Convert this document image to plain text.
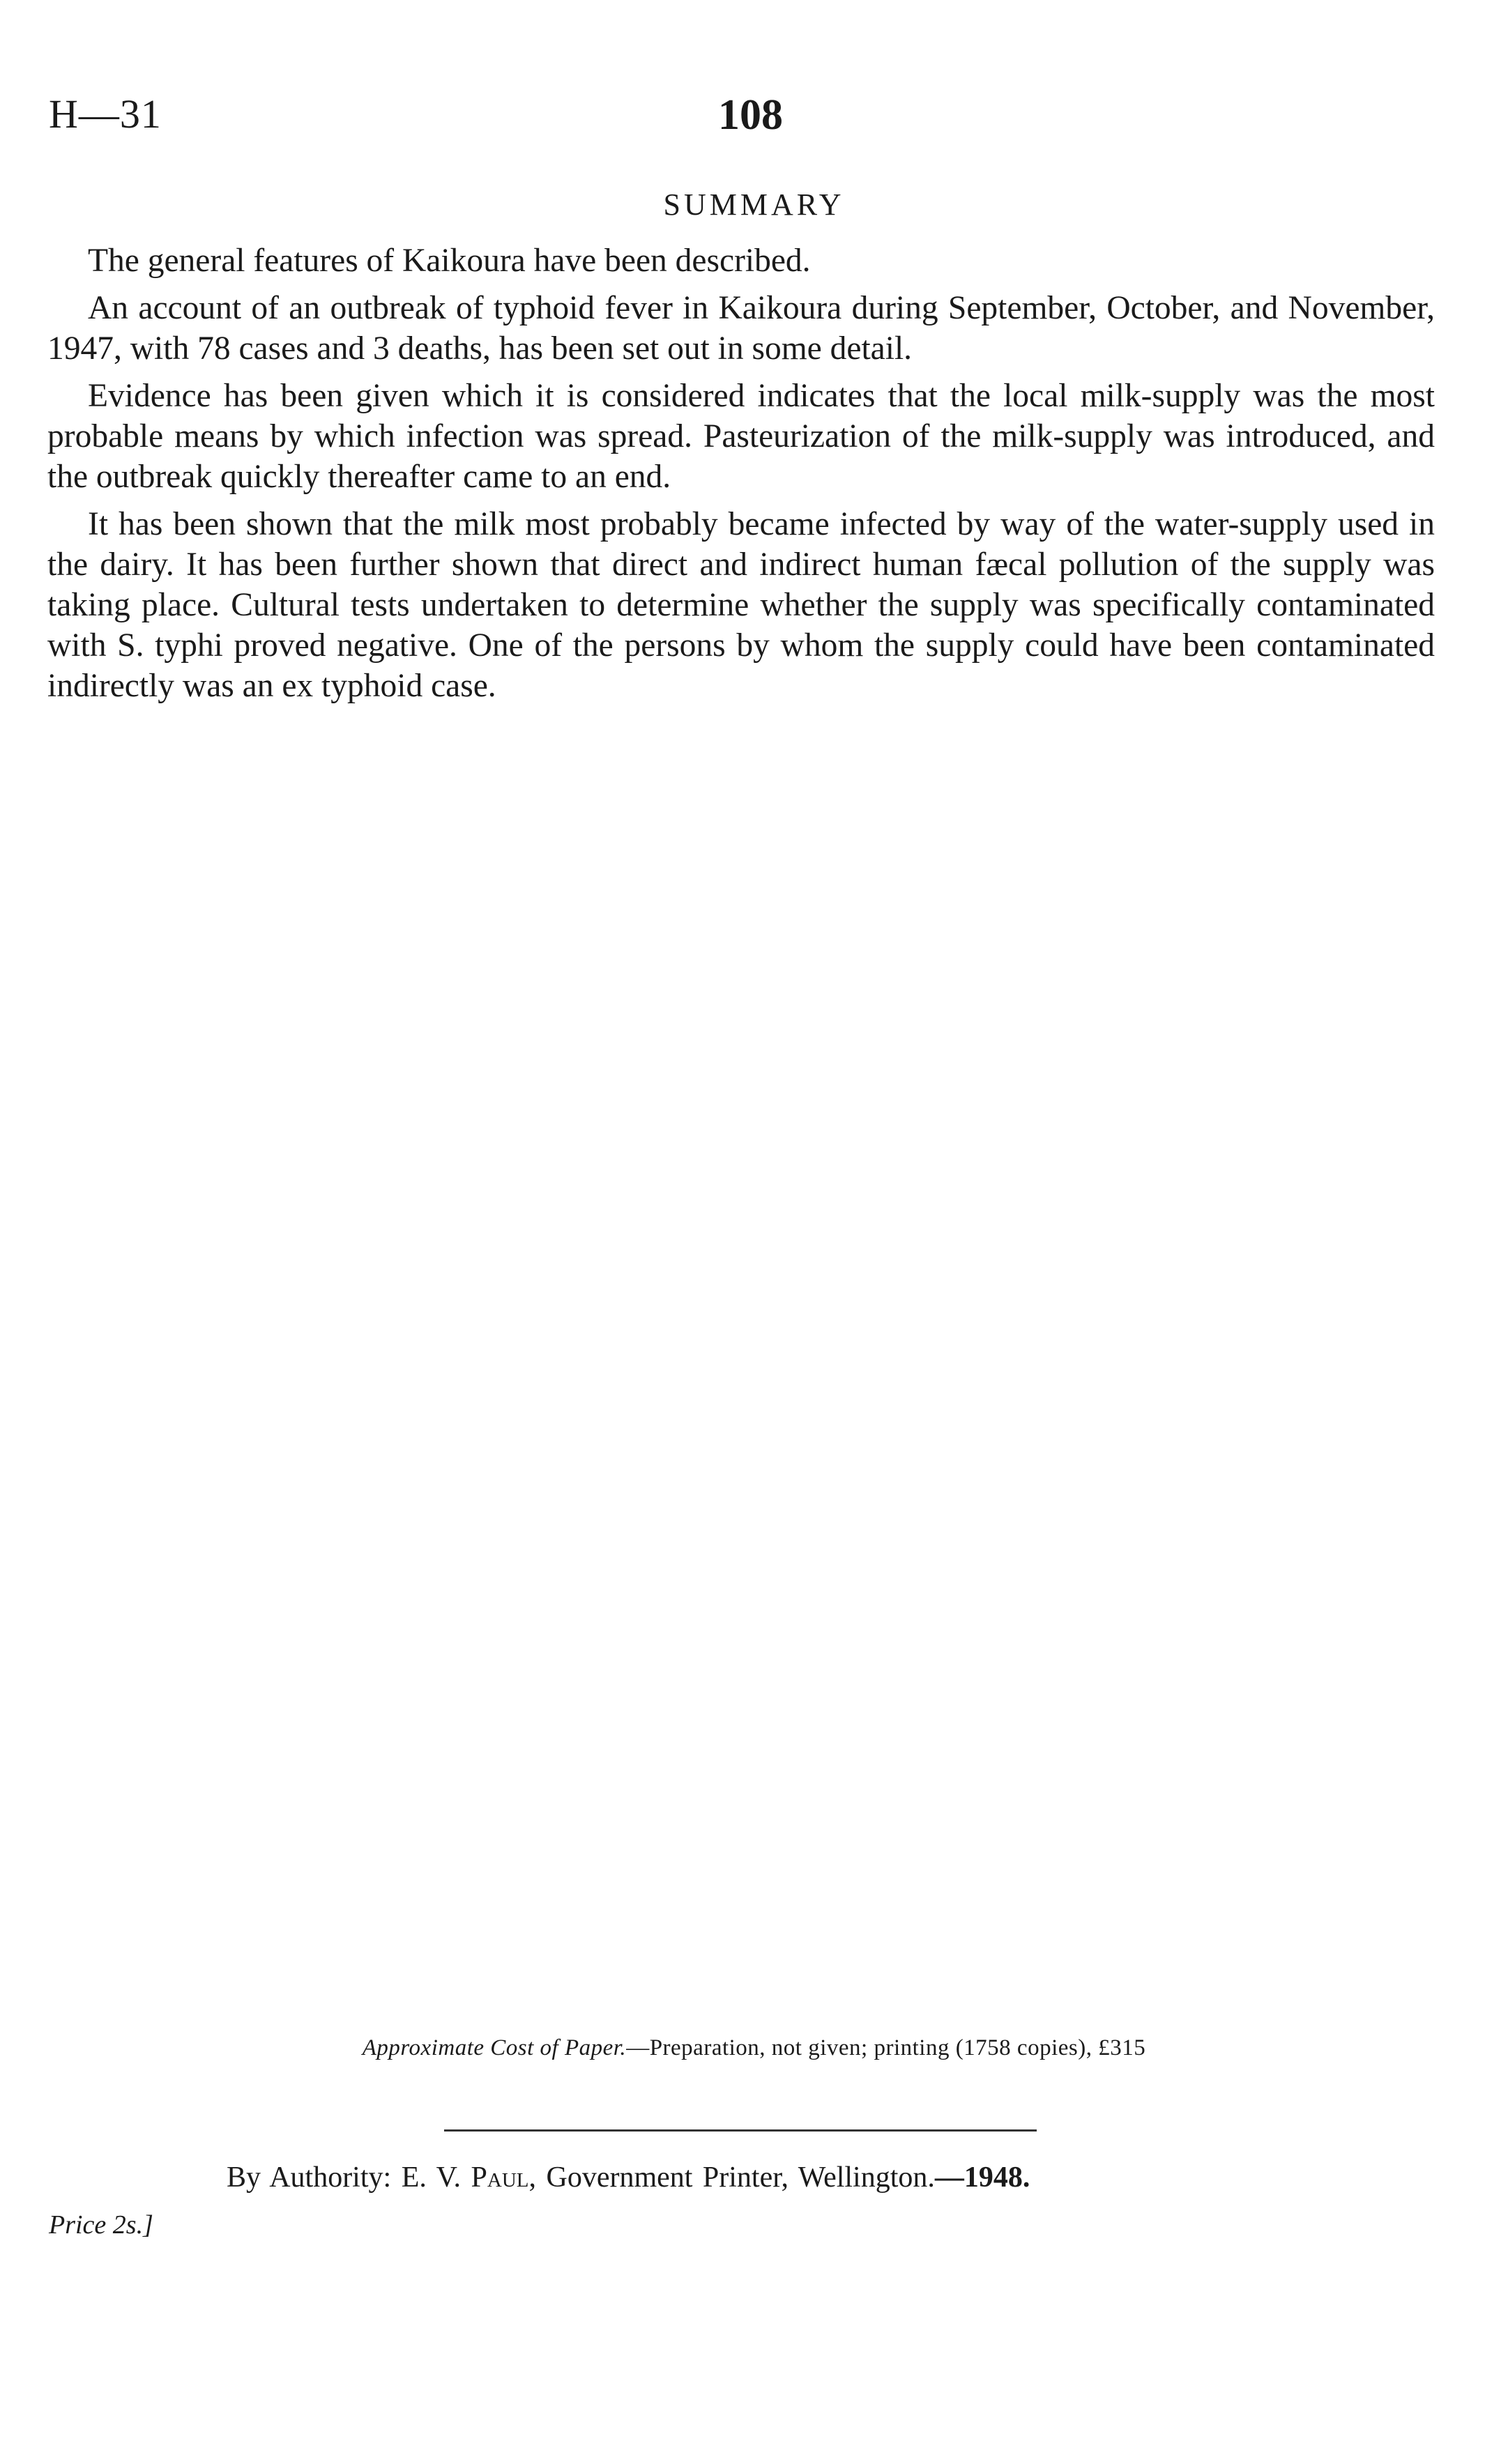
H—31	108
SUMMARY

The general features of Kaikoura have been described.

An account of an outbreak of typhoid fever in Kaikoura during September, October, and November, 1947, with 78 cases and 3 deaths, has been set out in some detail.

Evidence has been given which it is considered indicates that the local milk-supply was the most probable means by which infection was spread. Pasteurization of the milk-supply was introduced, and the outbreak quickly thereafter came to an end.

It has been shown that the milk most probably became infected by way of the water-supply used in the dairy. It has been further shown that direct and indirect human fæcal pollution of the supply was taking place. Cultural tests undertaken to determine whether the supply was specifically contaminated with S. typhi proved negative. One of the persons by whom the supply could have been contaminated indirectly was an ex typhoid case.

Approximate Cost of Paper.—Preparation, not given; printing (1758 copies), £315
By Authority: E. V. Paul, Government Printer, Wellington.—1948.
Price 2s.]
